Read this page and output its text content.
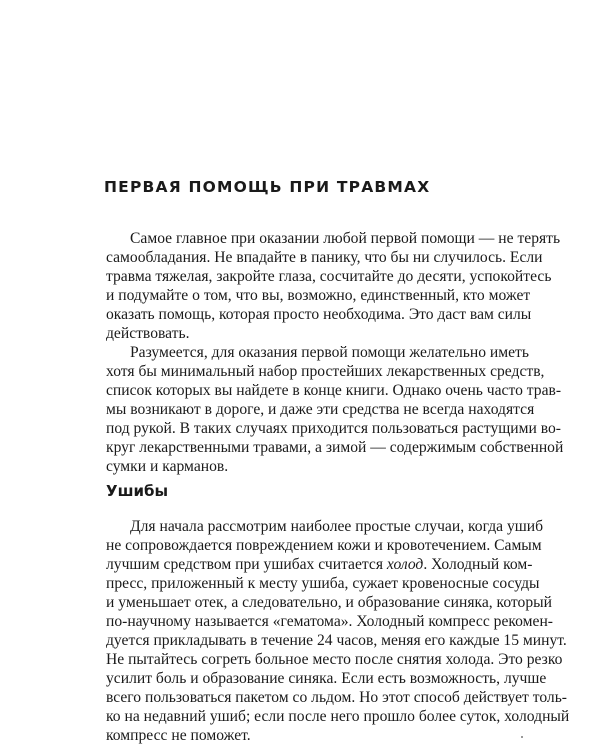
ПЕРВАЯ ПОМОЩЬ ПРИ ТРАВМАХ
Самое главное при оказании любой первой помощи — не терять
самообладания. Не впадайте в панику, что бы ни случилось. Если
травма тяжелая, закройте глаза, сосчитайте до десяти, успокойтесь
и подумайте о том, что вы, возможно, единственный, кто может
оказать помощь, которая просто необходима. Это даст вам силы
действовать.
Разумеется, для оказания первой помощи желательно иметь
хотя бы минимальный набор простейших лекарственных средств,
список которых вы найдете в конце книги. Однако очень часто трав-
мы возникают в дороге, и даже эти средства не всегда находятся
под рукой. В таких случаях приходится пользоваться растущими во-
круг лекарственными травами, а зимой — содержимым собственной
сумки и карманов.
Ушибы
Для начала рассмотрим наиболее простые случаи, когда ушиб
не сопровождается повреждением кожи и кровотечением. Самым
лучшим средством при ушибах считается холод. Холодный ком-
пресс, приложенный к месту ушиба, сужает кровеносные сосуды
и уменьшает отек, а следовательно, и образование синяка, который
по-научному называется «гематома». Холодный компресс рекомен-
дуется прикладывать в течение 24 часов, меняя его каждые 15 минут.
Не пытайтесь согреть больное место после снятия холода. Это резко
усилит боль и образование синяка. Если есть возможность, лучше
всего пользоваться пакетом со льдом. Но этот способ действует толь-
ко на недавний ушиб; если после него прошло более суток, холодный
компресс не поможет.
